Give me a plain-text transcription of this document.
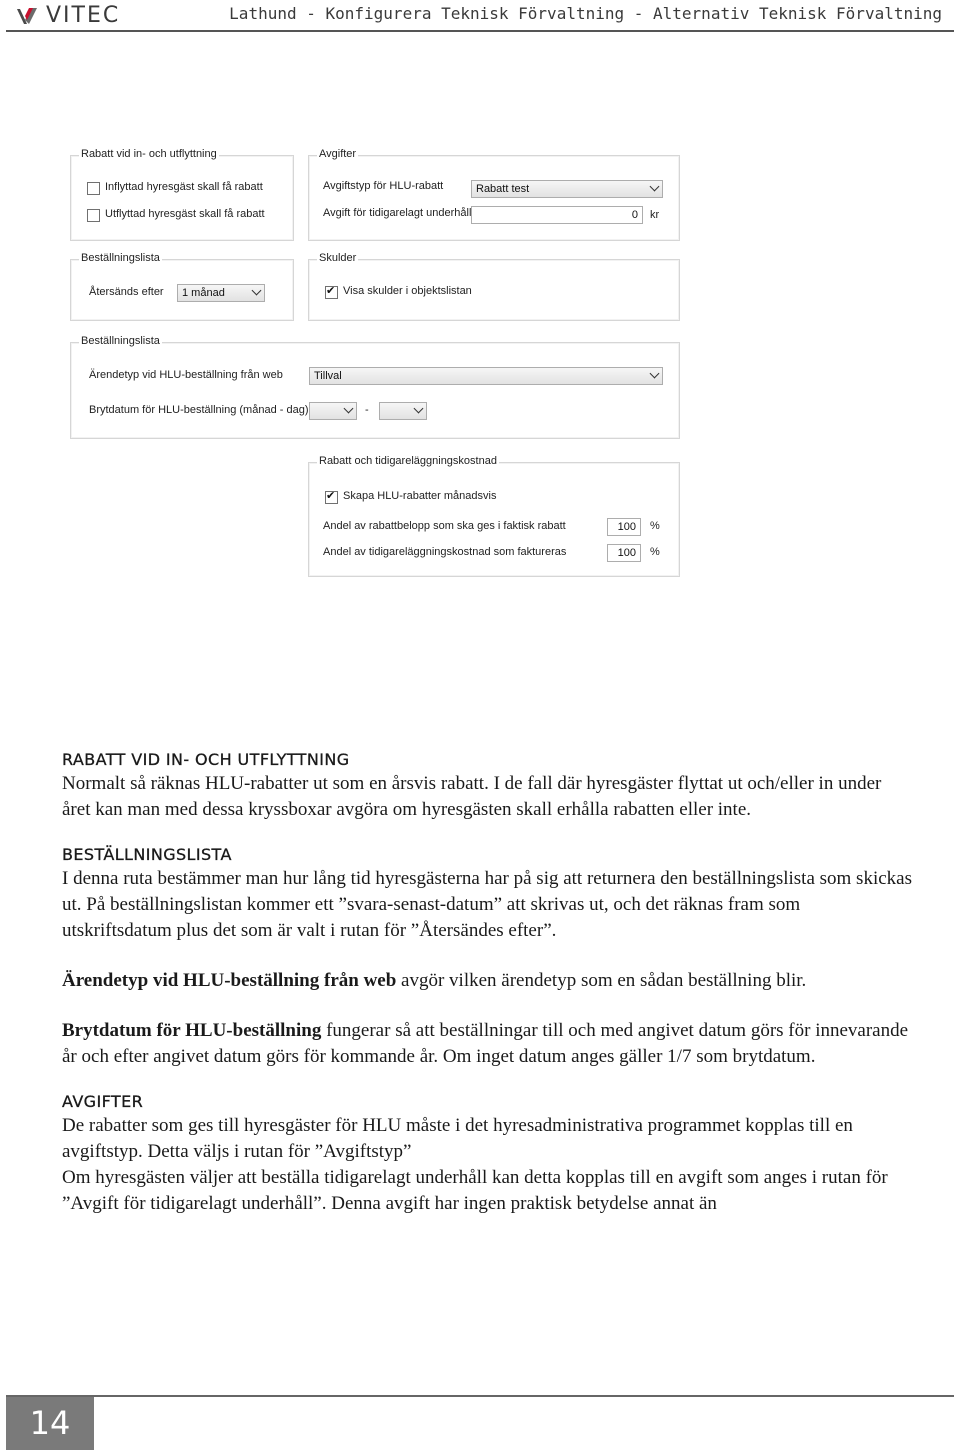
VITEC	Lathund - Konfigurera Teknisk Förvaltning - Alternativ Teknisk Förvaltning
Rabatt vid in- och utflyttning
Inflyttad hyresgäst skall få rabatt
Utflyttad hyresgäst skall få rabatt
Avgifter
Avgiftstyp för HLU-rabatt	Rabatt test
Avgift för tidigarelagt underhåll	0	kr
Beställningslista
Återsänds efter 1 månad
Skulder
✔
Visa skulder i objektslistan
Beställningslista
Ärendetyp vid HLU-beställning från web	Tillval
Brytdatum för HLU-beställning (månad - dag)	-
Rabatt och tidigareläggningskostnad
✔
Skapa HLU-rabatter månadsvis
Andel av rabattbelopp som ska ges i faktisk rabatt	100	%
Andel av tidigareläggningskostnad som faktureras	100	%
RABATT VID IN- OCH UTFLYTTNING

Normalt så räknas HLU-rabatter ut som en årsvis rabatt. I de fall där hyresgäster flyttat ut och/eller in under året kan man med dessa kryssboxar avgöra om hyresgästen skall erhålla rabatten eller inte.

BESTÄLLNINGSLISTA

I denna ruta bestämmer man hur lång tid hyresgästerna har på sig att returnera den beställningslista som skickas ut. På beställningslistan kommer ett ”svara-senast-datum” att skrivas ut, och det räknas fram som utskriftsdatum plus det som är valt i rutan för ”Återsändes efter”.

Ärendetyp vid HLU-beställning från web avgör vilken ärendetyp som en sådan beställning blir.

Brytdatum för HLU-beställning fungerar så att beställningar till och med angivet datum görs för innevarande år och efter angivet datum görs för kommande år. Om inget datum anges gäller 1/7 som brytdatum.

AVGIFTER

De rabatter som ges till hyresgäster för HLU måste i det hyresadministrativa programmet kopplas till en avgiftstyp. Detta väljs i rutan för ”Avgiftstyp”

Om hyresgästen väljer att beställa tidigarelagt underhåll kan detta kopplas till en avgift som anges i rutan för ”Avgift för tidigarelagt underhåll”. Denna avgift har ingen praktisk betydelse annat än

14
